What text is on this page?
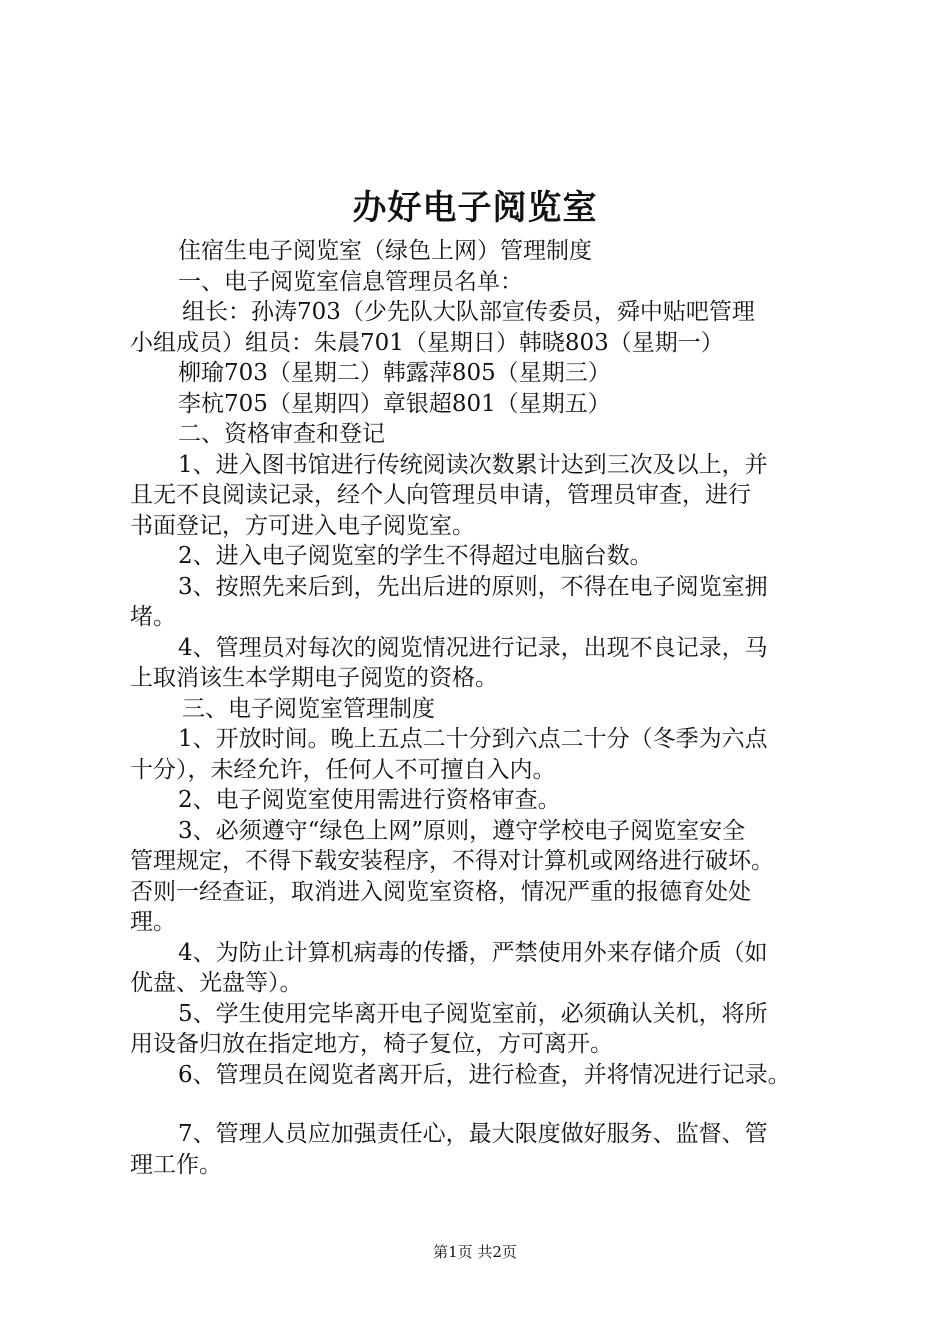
办好电子阅览室
住宿生电子阅览室（绿色上网）管理制度
一、电子阅览室信息管理员名单：
组长：孙涛703（少先队大队部宣传委员，舜中贴吧管理
小组成员）组员：朱晨701（星期日）韩晓803（星期一）
柳瑜703（星期二）韩露萍805（星期三）
李杭705（星期四）章银超801（星期五）
二、资格审查和登记
1、进入图书馆进行传统阅读次数累计达到三次及以上，并
且无不良阅读记录，经个人向管理员申请，管理员审查，进行
书面登记，方可进入电子阅览室。
2、进入电子阅览室的学生不得超过电脑台数。
3、按照先来后到，先出后进的原则，不得在电子阅览室拥
堵。
4、管理员对每次的阅览情况进行记录，出现不良记录，马
上取消该生本学期电子阅览的资格。
三、电子阅览室管理制度
1、开放时间。晚上五点二十分到六点二十分（冬季为六点
十分），未经允许，任何人不可擅自入内。
2、电子阅览室使用需进行资格审查。
3、必须遵守“绿色上网”原则，遵守学校电子阅览室安全
管理规定，不得下载安装程序，不得对计算机或网络进行破坏。
否则一经查证，取消进入阅览室资格，情况严重的报德育处处
理。
4、为防止计算机病毒的传播，严禁使用外来存储介质（如
优盘、光盘等）。
5、学生使用完毕离开电子阅览室前，必须确认关机，将所
用设备归放在指定地方，椅子复位，方可离开。
6、管理员在阅览者离开后，进行检查，并将情况进行记录。
7、管理人员应加强责任心，最大限度做好服务、监督、管
理工作。
第1页 共2页
